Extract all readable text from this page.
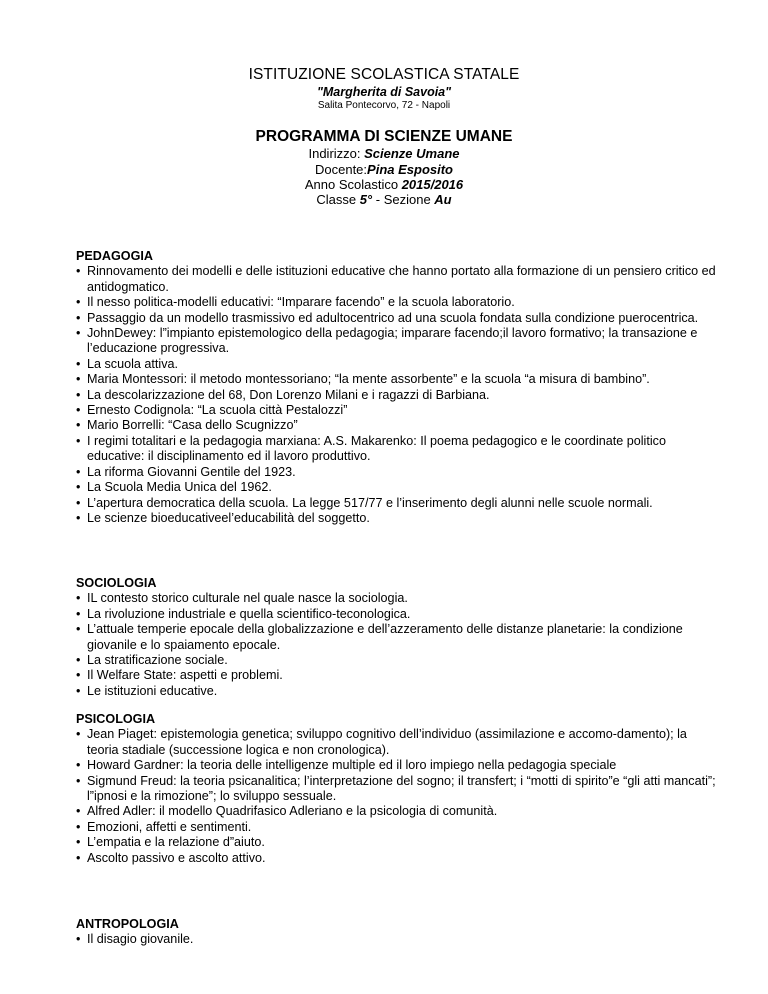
ISTITUZIONE SCOLASTICA STATALE
"Margherita di Savoia"
Salita Pontecorvo, 72 - Napoli
PROGRAMMA DI SCIENZE UMANE
Indirizzo: Scienze Umane
Docente:Pina Esposito
Anno Scolastico 2015/2016
Classe 5° - Sezione Au
PEDAGOGIA
• Rinnovamento dei modelli e delle istituzioni educative che hanno portato alla formazione di un pensiero critico ed antidogmatico.
• Il nesso politica-modelli educativi: “Imparare facendo” e la scuola laboratorio.
• Passaggio da un modello trasmissivo ed adultocentrico ad una scuola fondata sulla condizione puerocentrica.
• JohnDewey: l”impianto epistemologico della pedagogia; imparare facendo;il lavoro formativo; la transazione e l’educazione progressiva.
• La scuola attiva.
• Maria Montessori: il metodo montessoriano; “la mente assorbente” e la scuola “a misura di bambino”.
• La descolarizzazione del 68, Don Lorenzo Milani e i ragazzi di Barbiana.
• Ernesto Codignola: “La scuola città Pestalozzi”
• Mario Borrelli: “Casa dello Scugnizzo”
• I regimi totalitari e la pedagogia marxiana: A.S. Makarenko: Il poema pedagogico e le coordinate politico educative: il disciplinamento ed il lavoro produttivo.
• La riforma Giovanni Gentile del 1923.
• La Scuola Media Unica del 1962.
• L’apertura democratica della scuola. La legge 517/77 e l’inserimento degli alunni nelle scuole normali.
• Le scienze bioeducativeel’educabilità del soggetto.
SOCIOLOGIA
• IL contesto storico culturale nel quale nasce la sociologia.
• La rivoluzione industriale e quella scientifico-teconologica.
• L’attuale temperie epocale della globalizzazione e dell’azzeramento delle distanze planetarie: la condizione giovanile e lo spaiamento epocale.
• La stratificazione sociale.
• Il Welfare State: aspetti e problemi.
• Le istituzioni educative.
PSICOLOGIA
• Jean Piaget: epistemologia genetica; sviluppo cognitivo dell’individuo (assimilazione e accomo-damento); la teoria stadiale (successione logica e non cronologica).
• Howard Gardner: la teoria delle intelligenze multiple ed il loro impiego nella pedagogia speciale
• Sigmund Freud: la teoria psicanalitica; l’interpretazione del sogno; il transfert; i “motti di spirito”e “gli atti mancati”; l”ipnosi e la rimozione”; lo sviluppo sessuale.
• Alfred Adler: il modello Quadrifasico Adleriano e la psicologia di comunità.
• Emozioni, affetti e sentimenti.
• L’empatia e la relazione d”aiuto.
• Ascolto passivo e ascolto attivo.
ANTROPOLOGIA
• Il disagio giovanile.
